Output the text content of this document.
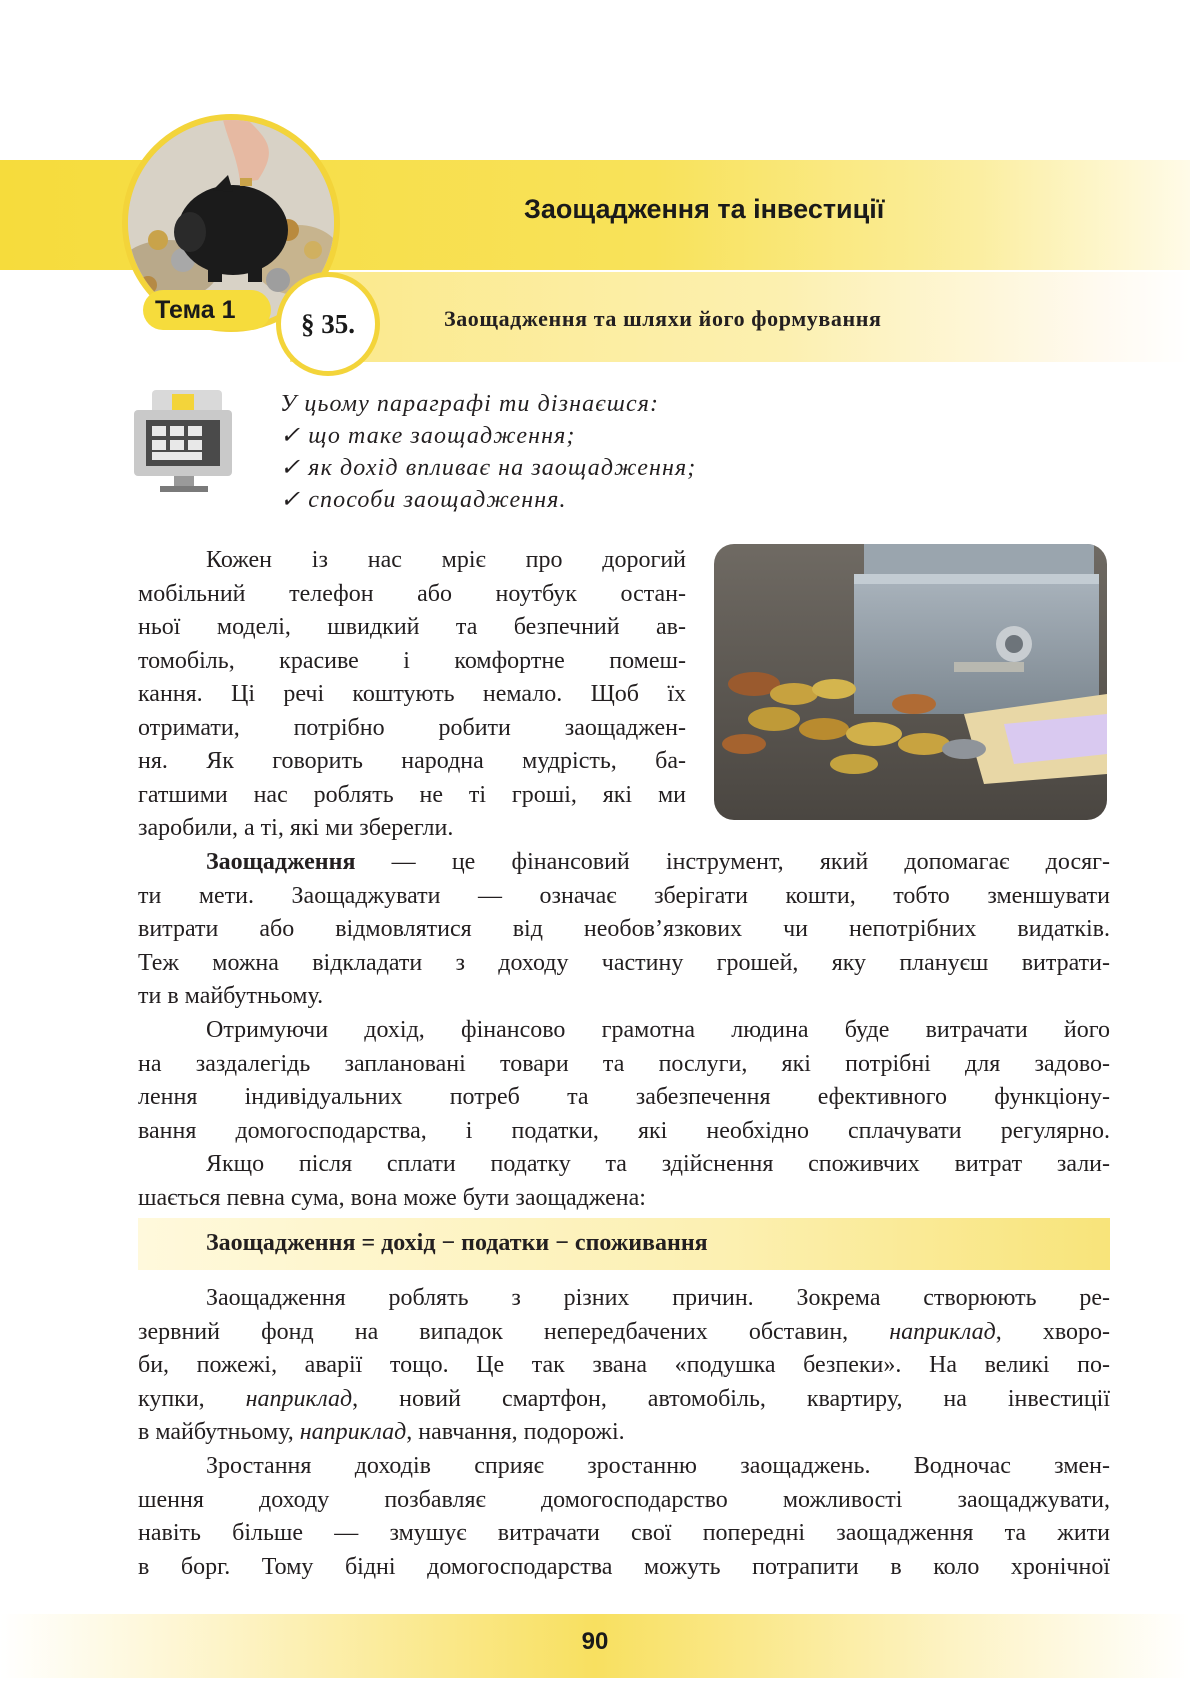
Заощадження та інвестиції
Тема 1	§ 35.	Заощадження та шляхи його формування
У цьому параграфі ти дізнаєшся:
✓ що таке заощадження;
✓ як дохід впливає на заощадження;
✓ способи заощадження.
Кожен із нас мріє про дорогий
мобільний телефон або ноутбук остан-
ньої моделі, швидкий та безпечний ав-
томобіль, красиве і комфортне помеш-
кання. Ці речі коштують немало. Щоб їх
отримати, потрібно робити заощаджен-
ня. Як говорить народна мудрість, ба-
гатшими нас роблять не ті гроші, які ми
заробили, а ті, які ми зберегли.
Заощадження — це фінансовий інструмент, який допомагає досяг-
ти мети. Заощаджувати — означає зберігати кошти, тобто зменшувати
витрати або відмовлятися від необов’язкових чи непотрібних видатків.
Теж можна відкладати з доходу частину грошей, яку плануєш витрати-
ти в майбутньому.
Отримуючи дохід, фінансово грамотна людина буде витрачати його
на заздалегідь заплановані товари та послуги, які потрібні для задово-
лення індивідуальних потреб та забезпечення ефективного функціону-
вання домогосподарства, і податки, які необхідно сплачувати регулярно.
Якщо після сплати податку та здійснення споживчих витрат зали-
шається певна сума, вона може бути заощаджена:
Заощадження = дохід − податки − споживання
Заощадження роблять з різних причин. Зокрема створюють ре-
зервний фонд на випадок непередбачених обставин, наприклад, хворо-
би, пожежі, аварії тощо. Це так звана «подушка безпеки». На великі по-
купки, наприклад, новий смартфон, автомобіль, квартиру, на інвестиції
в майбутньому, наприклад, навчання, подорожі.
Зростання доходів сприяє зростанню заощаджень. Водночас змен-
шення доходу позбавляє домогосподарство можливості заощаджувати,
навіть більше — змушує витрачати свої попередні заощадження та жити
в борг. Тому бідні домогосподарства можуть потрапити в коло хронічної
90
